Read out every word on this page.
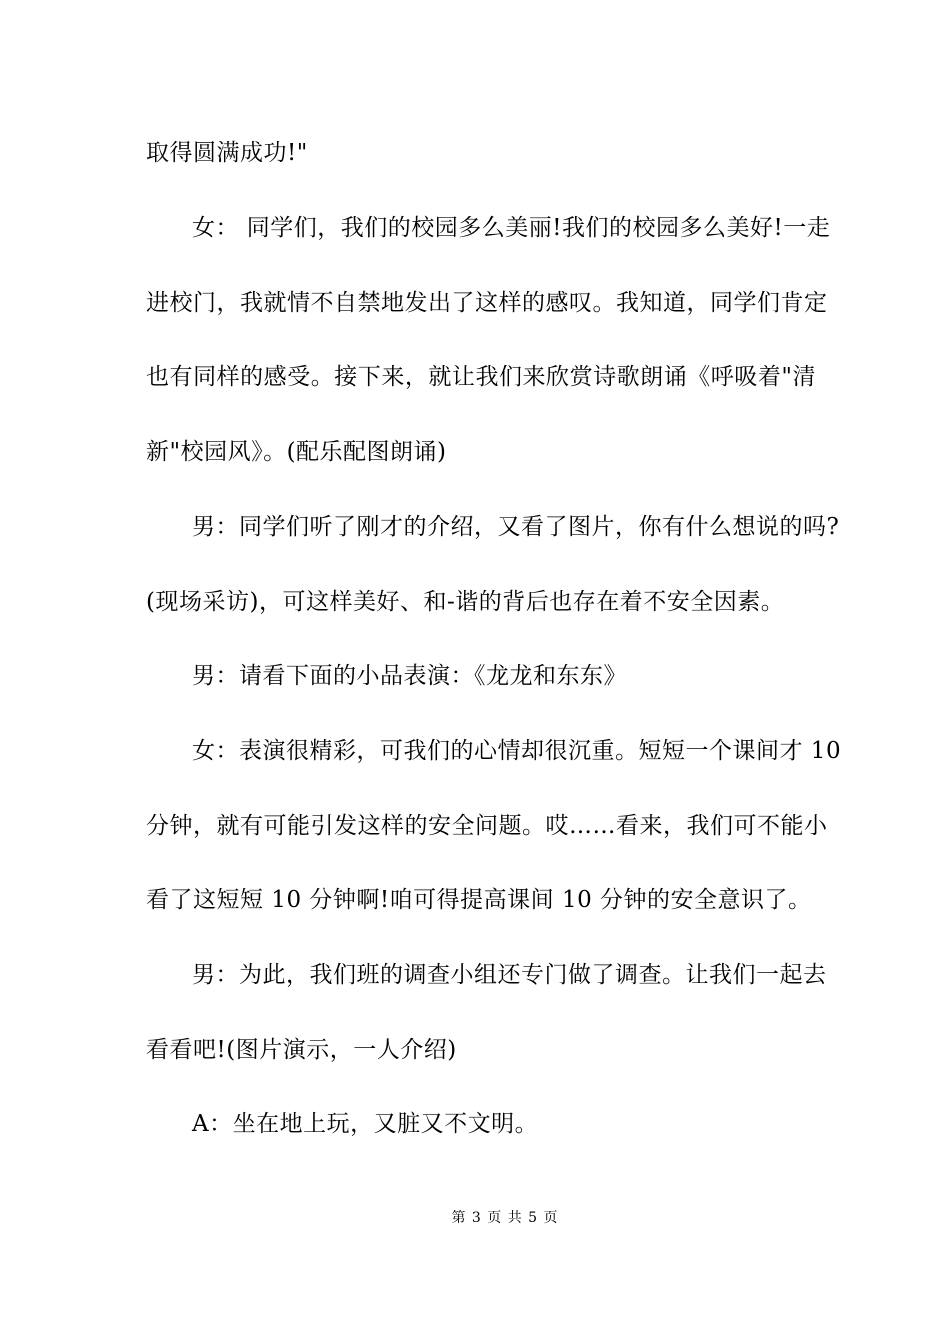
取得圆满成功!"
女： 同学们，我们的校园多么美丽!我们的校园多么美好!一走
进校门，我就情不自禁地发出了这样的感叹。我知道，同学们肯定
也有同样的感受。接下来，就让我们来欣赏诗歌朗诵《呼吸着"清
新"校园风》。(配乐配图朗诵)
男：同学们听了刚才的介绍，又看了图片，你有什么想说的吗?
(现场采访)，可这样美好、和-谐的背后也存在着不安全因素。
男：请看下面的小品表演：《龙龙和东东》
女：表演很精彩，可我们的心情却很沉重。短短一个课间才 10
分钟，就有可能引发这样的安全问题。哎……看来，我们可不能小
看了这短短 10 分钟啊!咱可得提高课间 10 分钟的安全意识了。
男：为此，我们班的调查小组还专门做了调查。让我们一起去
看看吧!(图片演示，一人介绍)
A：坐在地上玩，又脏又不文明。
第 3 页 共 5 页
